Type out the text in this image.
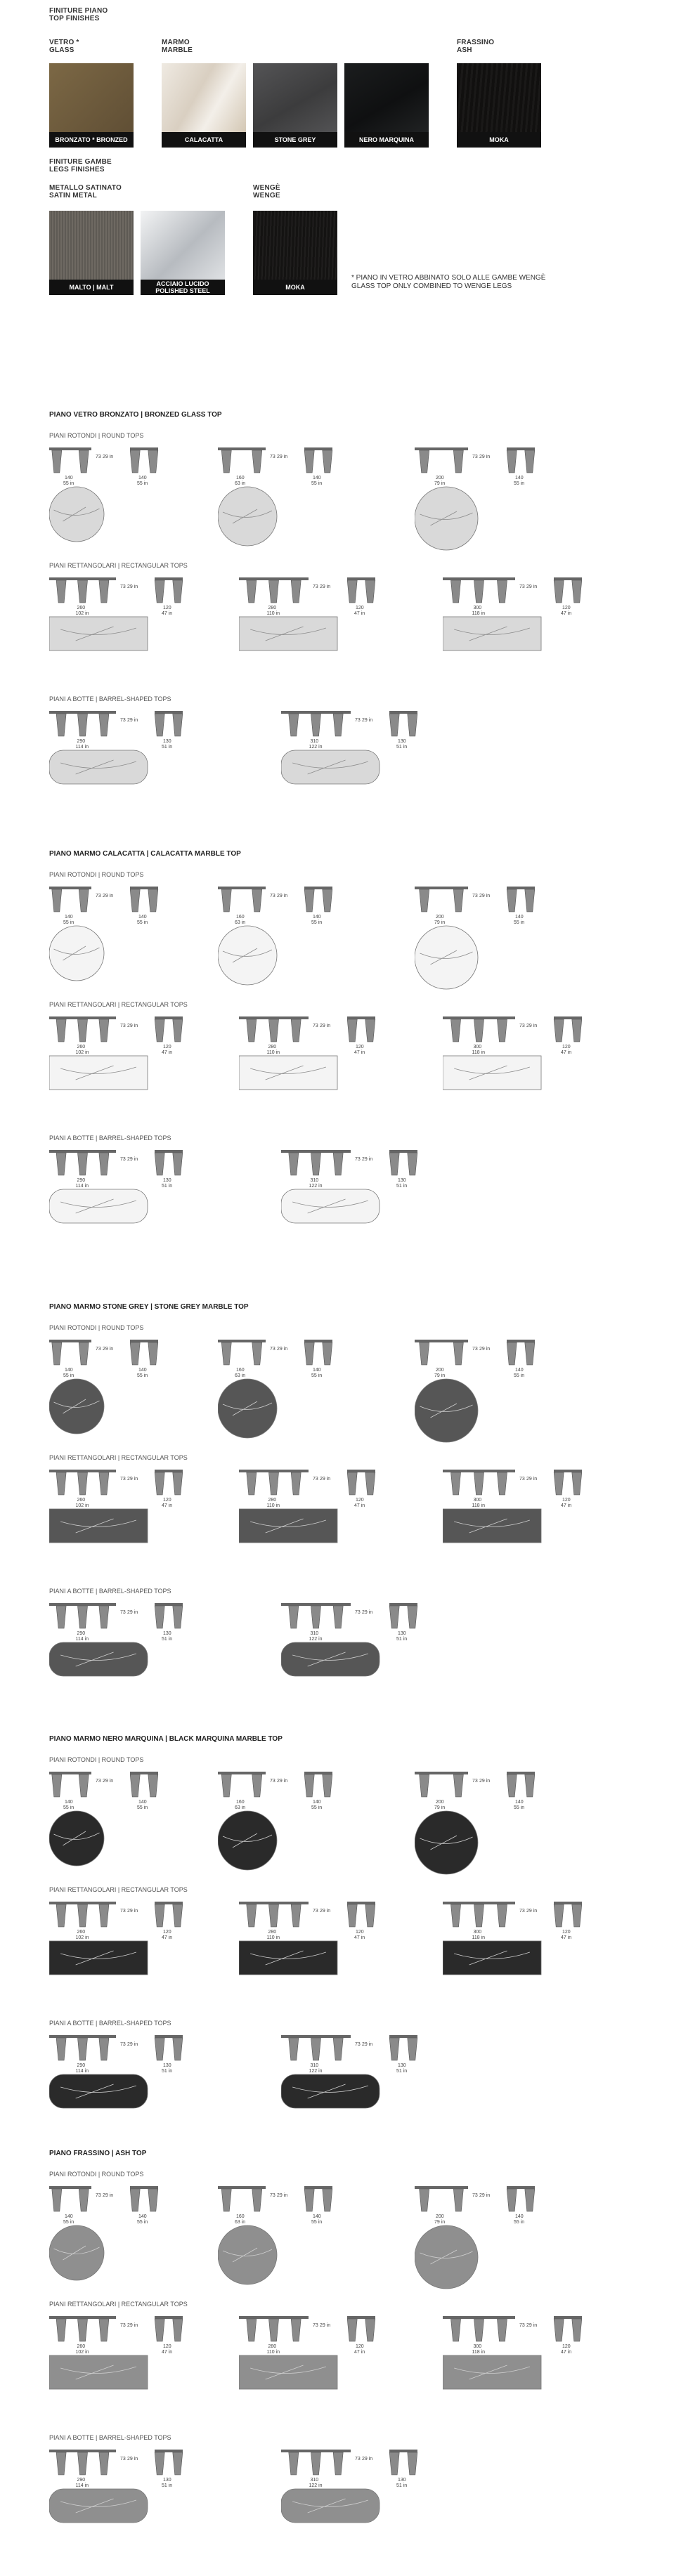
FINITURE PIANO
TOP FINISHES
VETRO *
GLASS
MARMO
MARBLE
FRASSINO
ASH
BRONZATO * BRONZED	CALACATTA	STONE GREY	NERO MARQUINA	MOKA
FINITURE GAMBE
LEGS FINISHES
METALLO SATINATO
SATIN METAL
WENGÈ
WENGE
MALTO | MALT	ACCIAIO LUCIDO POLISHED STEEL	MOKA
* PIANO IN VETRO ABBINATO SOLO ALLE GAMBE WENGÈ
GLASS TOP ONLY COMBINED TO WENGE LEGS
PIANO VETRO BRONZATO | BRONZED GLASS TOP
PIANI ROTONDI | ROUND TOPS
140
55 in
73 29 in
140
55 in
160
63 in
73 29 in
140
55 in
200
79 in
73 29 in
140
55 in
PIANI RETTANGOLARI | RECTANGULAR TOPS
260
102 in
73 29 in
120
47 in
280
110 in
73 29 in
120
47 in
300
118 in
73 29 in
120
47 in
PIANI A BOTTE | BARREL-SHAPED TOPS
290
114 in
73 29 in
130
51 in
310
122 in
73 29 in
130
51 in
PIANO MARMO CALACATTA | CALACATTA MARBLE TOP
PIANI ROTONDI | ROUND TOPS
140
55 in
73 29 in
140
55 in
160
63 in
73 29 in
140
55 in
200
79 in
73 29 in
140
55 in
PIANI RETTANGOLARI | RECTANGULAR TOPS
260
102 in
73 29 in
120
47 in
280
110 in
73 29 in
120
47 in
300
118 in
73 29 in
120
47 in
PIANI A BOTTE | BARREL-SHAPED TOPS
290
114 in
73 29 in
130
51 in
310
122 in
73 29 in
130
51 in
PIANO MARMO STONE GREY | STONE GREY MARBLE TOP
PIANI ROTONDI | ROUND TOPS
140
55 in
73 29 in
140
55 in
160
63 in
73 29 in
140
55 in
200
79 in
73 29 in
140
55 in
PIANI RETTANGOLARI | RECTANGULAR TOPS
260
102 in
73 29 in
120
47 in
280
110 in
73 29 in
120
47 in
300
118 in
73 29 in
120
47 in
PIANI A BOTTE | BARREL-SHAPED TOPS
290
114 in
73 29 in
130
51 in
310
122 in
73 29 in
130
51 in
PIANO MARMO NERO MARQUINA | BLACK MARQUINA MARBLE TOP
PIANI ROTONDI | ROUND TOPS
140
55 in
73 29 in
140
55 in
160
63 in
73 29 in
140
55 in
200
79 in
73 29 in
140
55 in
PIANI RETTANGOLARI | RECTANGULAR TOPS
260
102 in
73 29 in
120
47 in
280
110 in
73 29 in
120
47 in
300
118 in
73 29 in
120
47 in
PIANI A BOTTE | BARREL-SHAPED TOPS
290
114 in
73 29 in
130
51 in
310
122 in
73 29 in
130
51 in
PIANO FRASSINO | ASH TOP
PIANI ROTONDI | ROUND TOPS
140
55 in
73 29 in
140
55 in
160
63 in
73 29 in
140
55 in
200
79 in
73 29 in
140
55 in
PIANI RETTANGOLARI | RECTANGULAR TOPS
260
102 in
73 29 in
120
47 in
280
110 in
73 29 in
120
47 in
300
118 in
73 29 in
120
47 in
PIANI A BOTTE | BARREL-SHAPED TOPS
290
114 in
73 29 in
130
51 in
310
122 in
73 29 in
130
51 in
